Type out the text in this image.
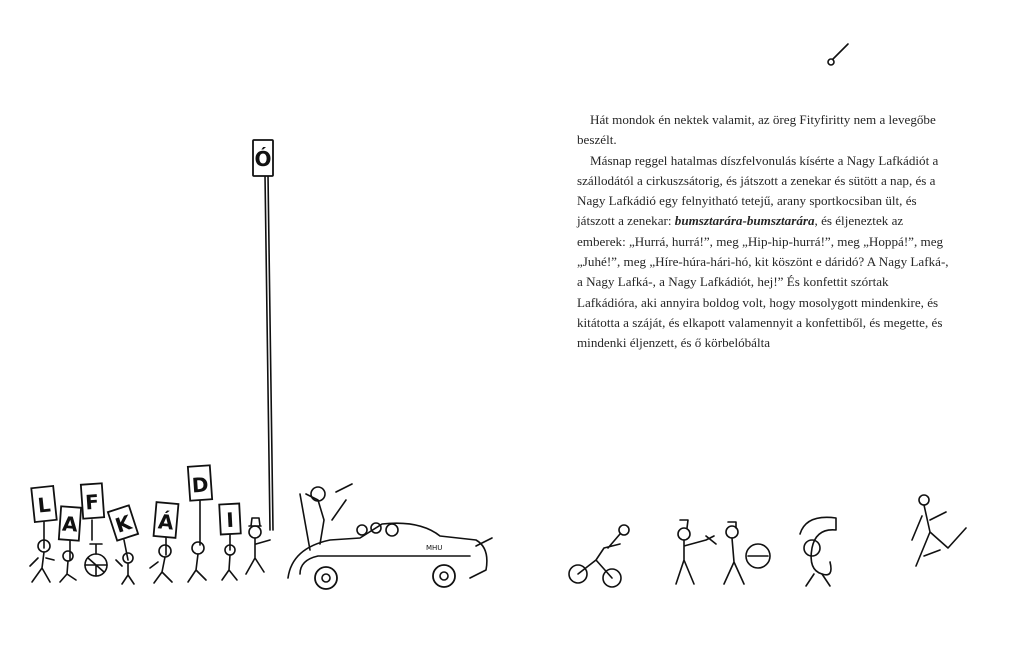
Hát mondok én nektek valamit, az öreg Fityfiritty nem a levegőbe beszélt.

Másnap reggel hatalmas díszfelvonulás kísérte a Nagy Lafkádiót a szállodától a cirkuszsátorig, és játszott a zenekar és sütött a nap, és a Nagy Lafkádió egy felnyitható tetejű, arany sportkocsiban ült, és játszott a zenekar: bumsztarára-bumsztarára, és éljeneztek az emberek: „Hurrá, hurrá!”, meg „Hip-hip-hurrá!”, meg „Hoppá!”, meg „Juhé!”, meg „Híre-húra-hári-hó, kit köszönt e dáridó? A Nagy Lafká-, a Nagy Lafká-, a Nagy Lafkádiót, hej!” És konfettit szórtak Lafkádióra, aki annyira boldog volt, hogy mosolygott mindenkire, és kitátotta a száját, és elkapott valamennyit a konfettiből, és megette, és mindenki éljenzett, és ő körbelóbálta

Ó
L
A
F
K Á
D
I
MHU
